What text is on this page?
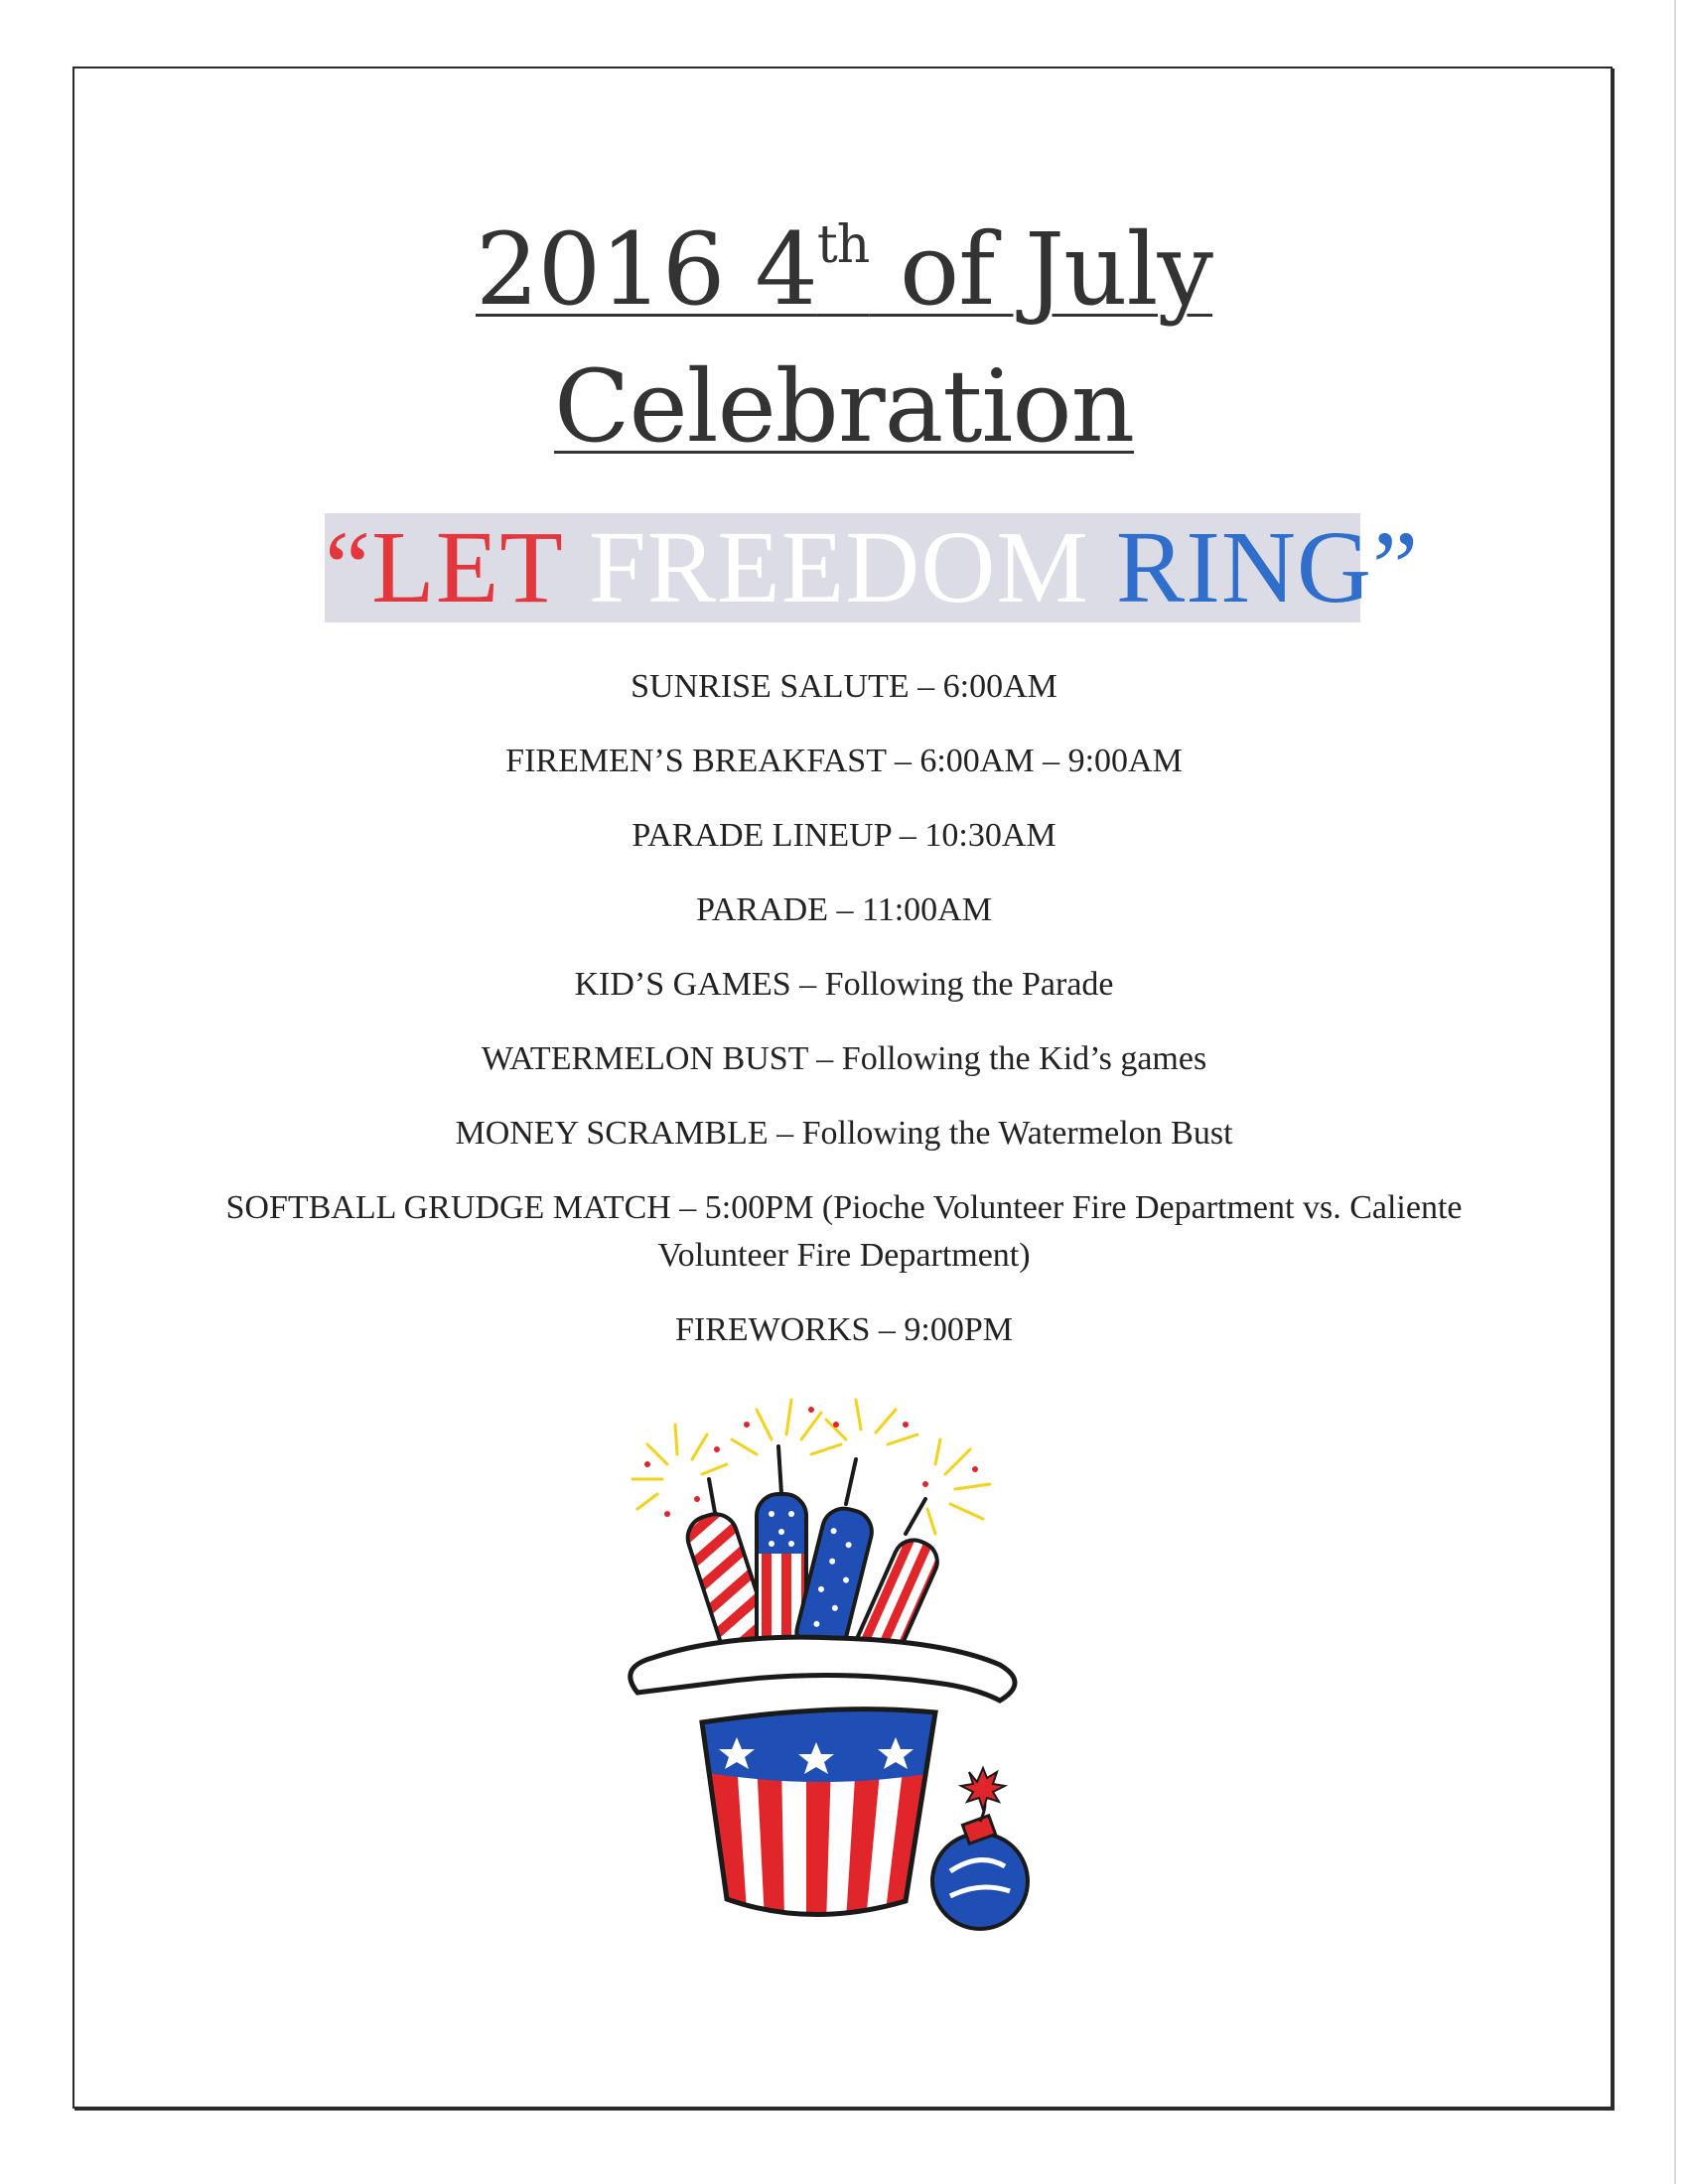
2016 4th of July
Celebration
“LET FREEDOM RING”
SUNRISE SALUTE – 6:00AM
FIREMEN’S BREAKFAST – 6:00AM – 9:00AM
PARADE LINEUP – 10:30AM
PARADE – 11:00AM
KID’S GAMES – Following the Parade
WATERMELON BUST – Following the Kid’s games
MONEY SCRAMBLE – Following the Watermelon Bust
SOFTBALL GRUDGE MATCH – 5:00PM (Pioche Volunteer Fire Department vs. Caliente Volunteer Fire Department)
FIREWORKS – 9:00PM
